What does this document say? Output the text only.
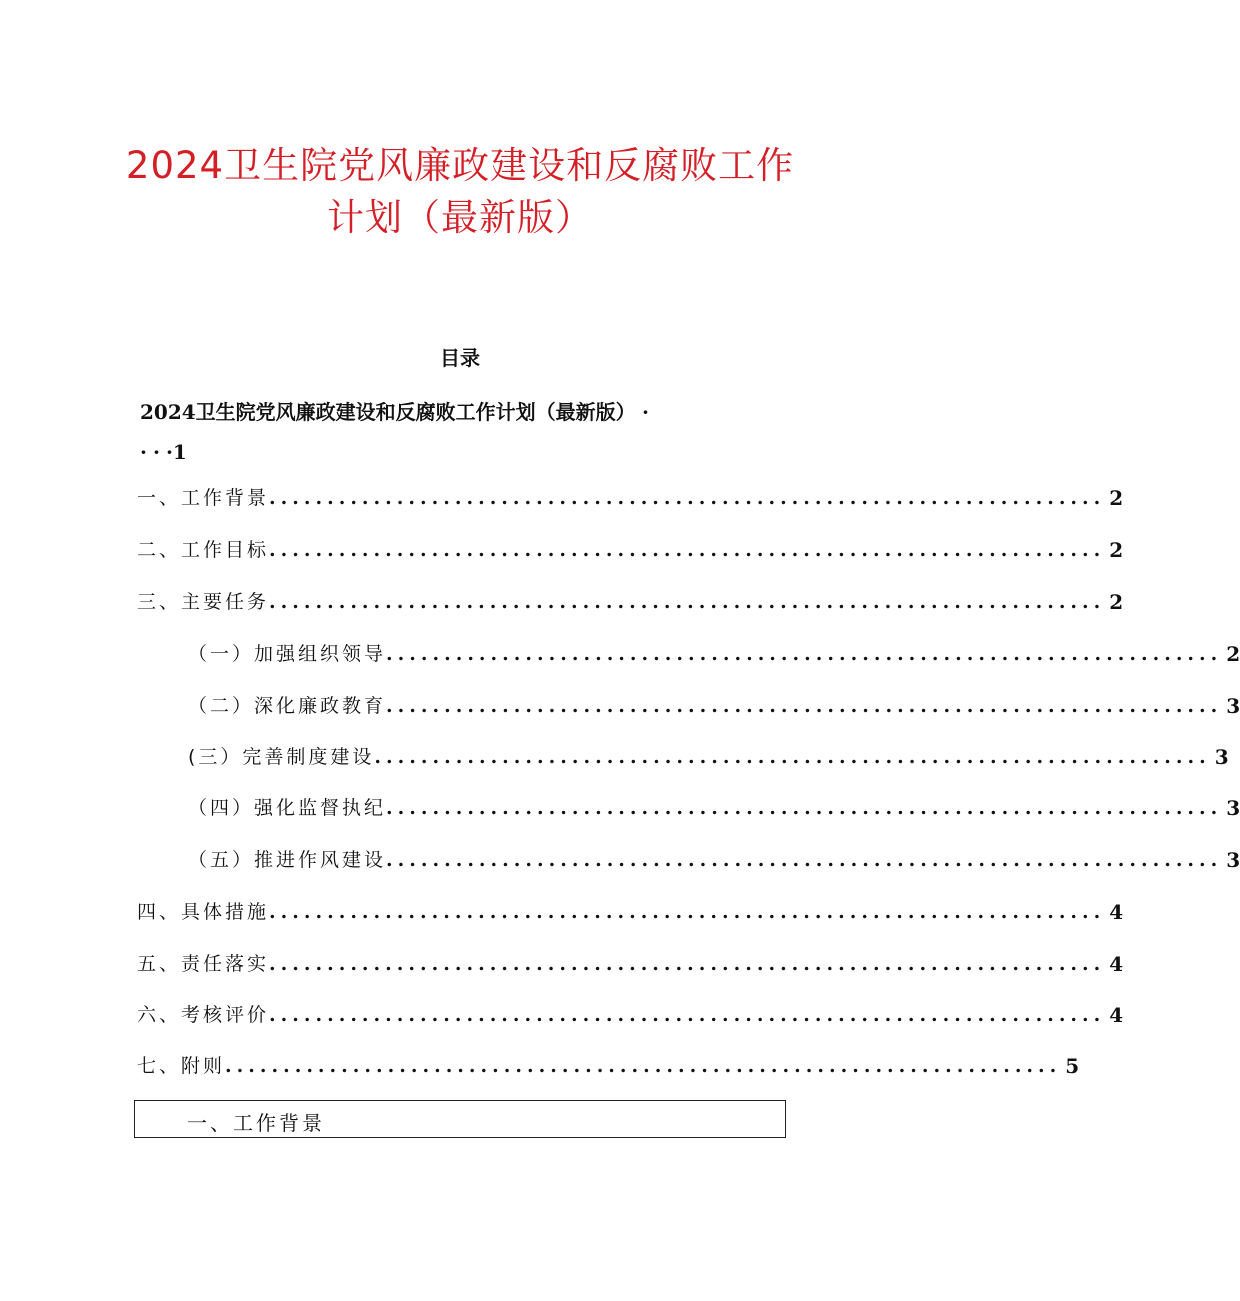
2024卫生院党风廉政建设和反腐败工作
计划（最新版）
目录
2024卫生院党风廉政建设和反腐败工作计划（最新版） ·
···1
一、工作背景 ........................................................................ 2
二、工作目标 ........................................................................ 2
三、主要任务 ........................................................................ 2
（一）加强组织领导 ........................................................................ 2
（二）深化廉政教育 ........................................................................ 3
(三）完善制度建设 ........................................................................ 3
（四）强化监督执纪 ........................................................................ 3
（五）推进作风建设 ........................................................................ 3
四、具体措施 ........................................................................ 4
五、责任落实 ........................................................................ 4
六、考核评价 ........................................................................ 4
七、附则 ........................................................................ 5
一、工作背景
